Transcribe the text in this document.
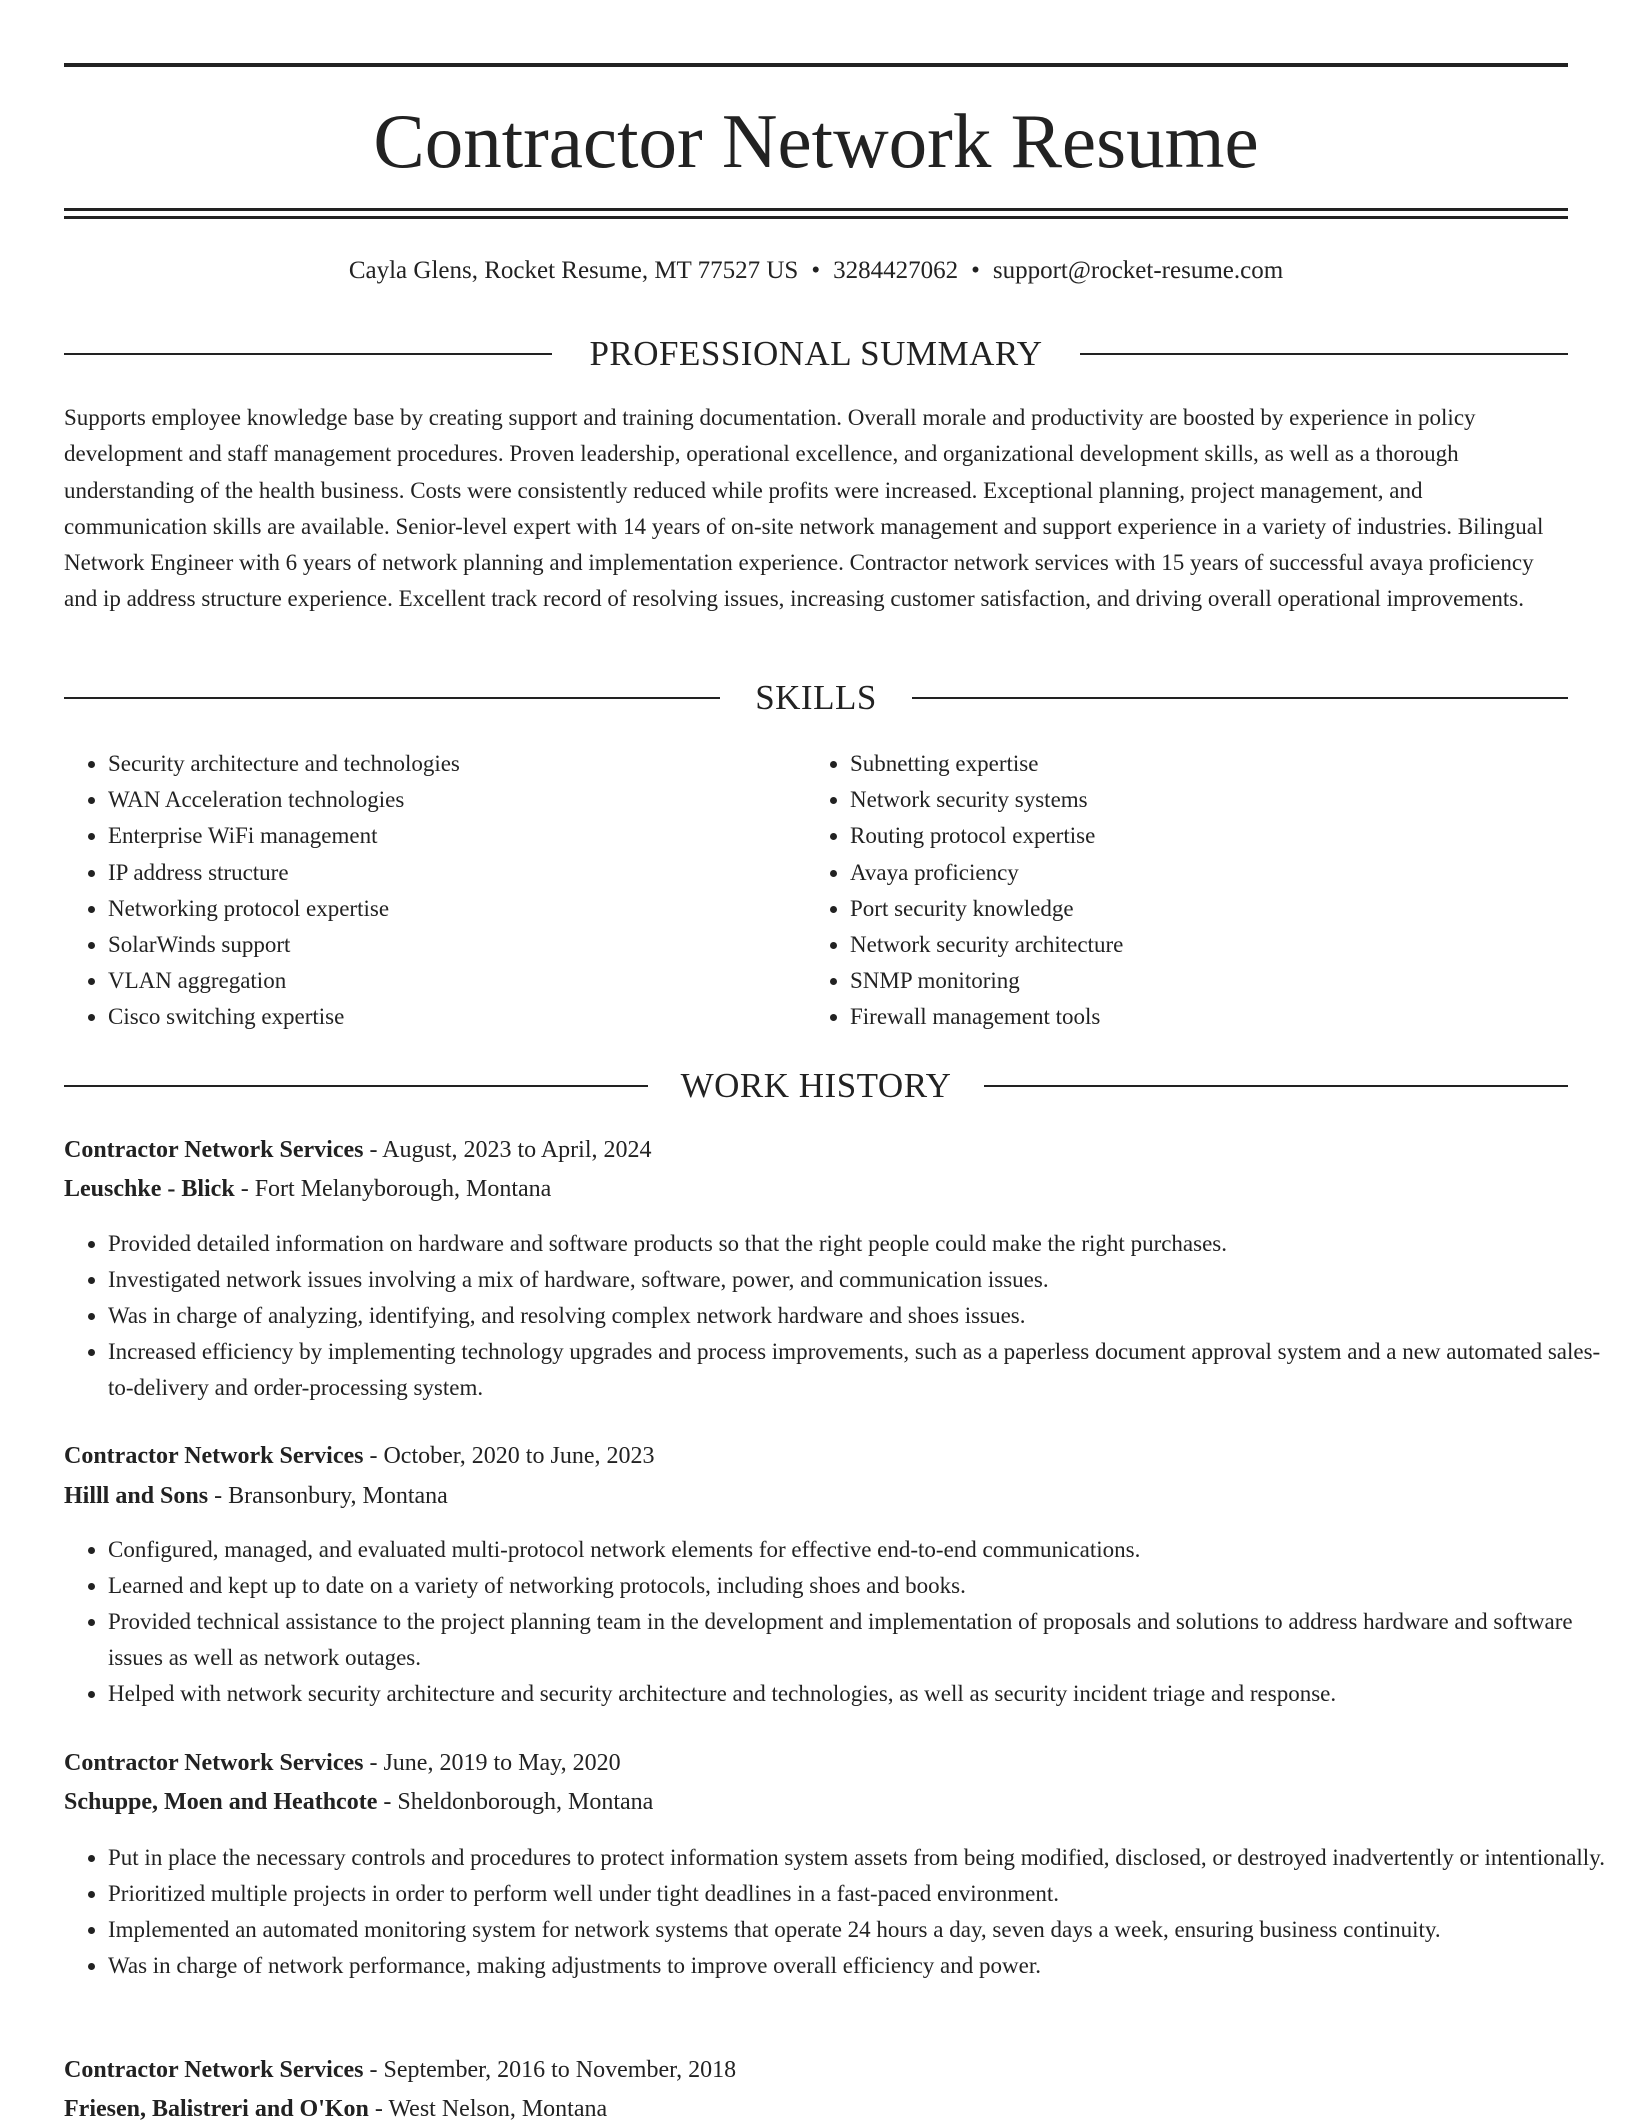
Contractor Network Resume
Cayla Glens, Rocket Resume, MT 77527 US • 3284427062 • support@rocket-resume.com
PROFESSIONAL SUMMARY

Supports employee knowledge base by creating support and training documentation. Overall morale and productivity are boosted by experience in policy development and staff management procedures. Proven leadership, operational excellence, and organizational development skills, as well as a thorough understanding of the health business. Costs were consistently reduced while profits were increased. Exceptional planning, project management, and communication skills are available. Senior-level expert with 14 years of on-site network management and support experience in a variety of industries. Bilingual Network Engineer with 6 years of network planning and implementation experience. Contractor network services with 15 years of successful avaya proficiency and ip address structure experience. Excellent track record of resolving issues, increasing customer satisfaction, and driving overall operational improvements.

SKILLS
• Security architecture and technologies
• WAN Acceleration technologies
• Enterprise WiFi management
• IP address structure
• Networking protocol expertise
• SolarWinds support
• VLAN aggregation
• Cisco switching expertise
• Subnetting expertise
• Network security systems
• Routing protocol expertise
• Avaya proficiency
• Port security knowledge
• Network security architecture
• SNMP monitoring
• Firewall management tools
WORK HISTORY
Contractor Network Services - August, 2023 to April, 2024
Leuschke - Blick - Fort Melanyborough, Montana
• Provided detailed information on hardware and software products so that the right people could make the right purchases.
• Investigated network issues involving a mix of hardware, software, power, and communication issues.
• Was in charge of analyzing, identifying, and resolving complex network hardware and shoes issues.
• Increased efficiency by implementing technology upgrades and process improvements, such as a paperless document approval system and a new automated sales-to-delivery and order-processing system.
Contractor Network Services - October, 2020 to June, 2023
Hilll and Sons - Bransonbury, Montana
• Configured, managed, and evaluated multi-protocol network elements for effective end-to-end communications.
• Learned and kept up to date on a variety of networking protocols, including shoes and books.
• Provided technical assistance to the project planning team in the development and implementation of proposals and solutions to address hardware and software issues as well as network outages.
• Helped with network security architecture and security architecture and technologies, as well as security incident triage and response.
Contractor Network Services - June, 2019 to May, 2020
Schuppe, Moen and Heathcote - Sheldonborough, Montana
• Put in place the necessary controls and procedures to protect information system assets from being modified, disclosed, or destroyed inadvertently or intentionally.
• Prioritized multiple projects in order to perform well under tight deadlines in a fast-paced environment.
• Implemented an automated monitoring system for network systems that operate 24 hours a day, seven days a week, ensuring business continuity.
• Was in charge of network performance, making adjustments to improve overall efficiency and power.
Contractor Network Services - September, 2016 to November, 2018
Friesen, Balistreri and O'Kon - West Nelson, Montana
